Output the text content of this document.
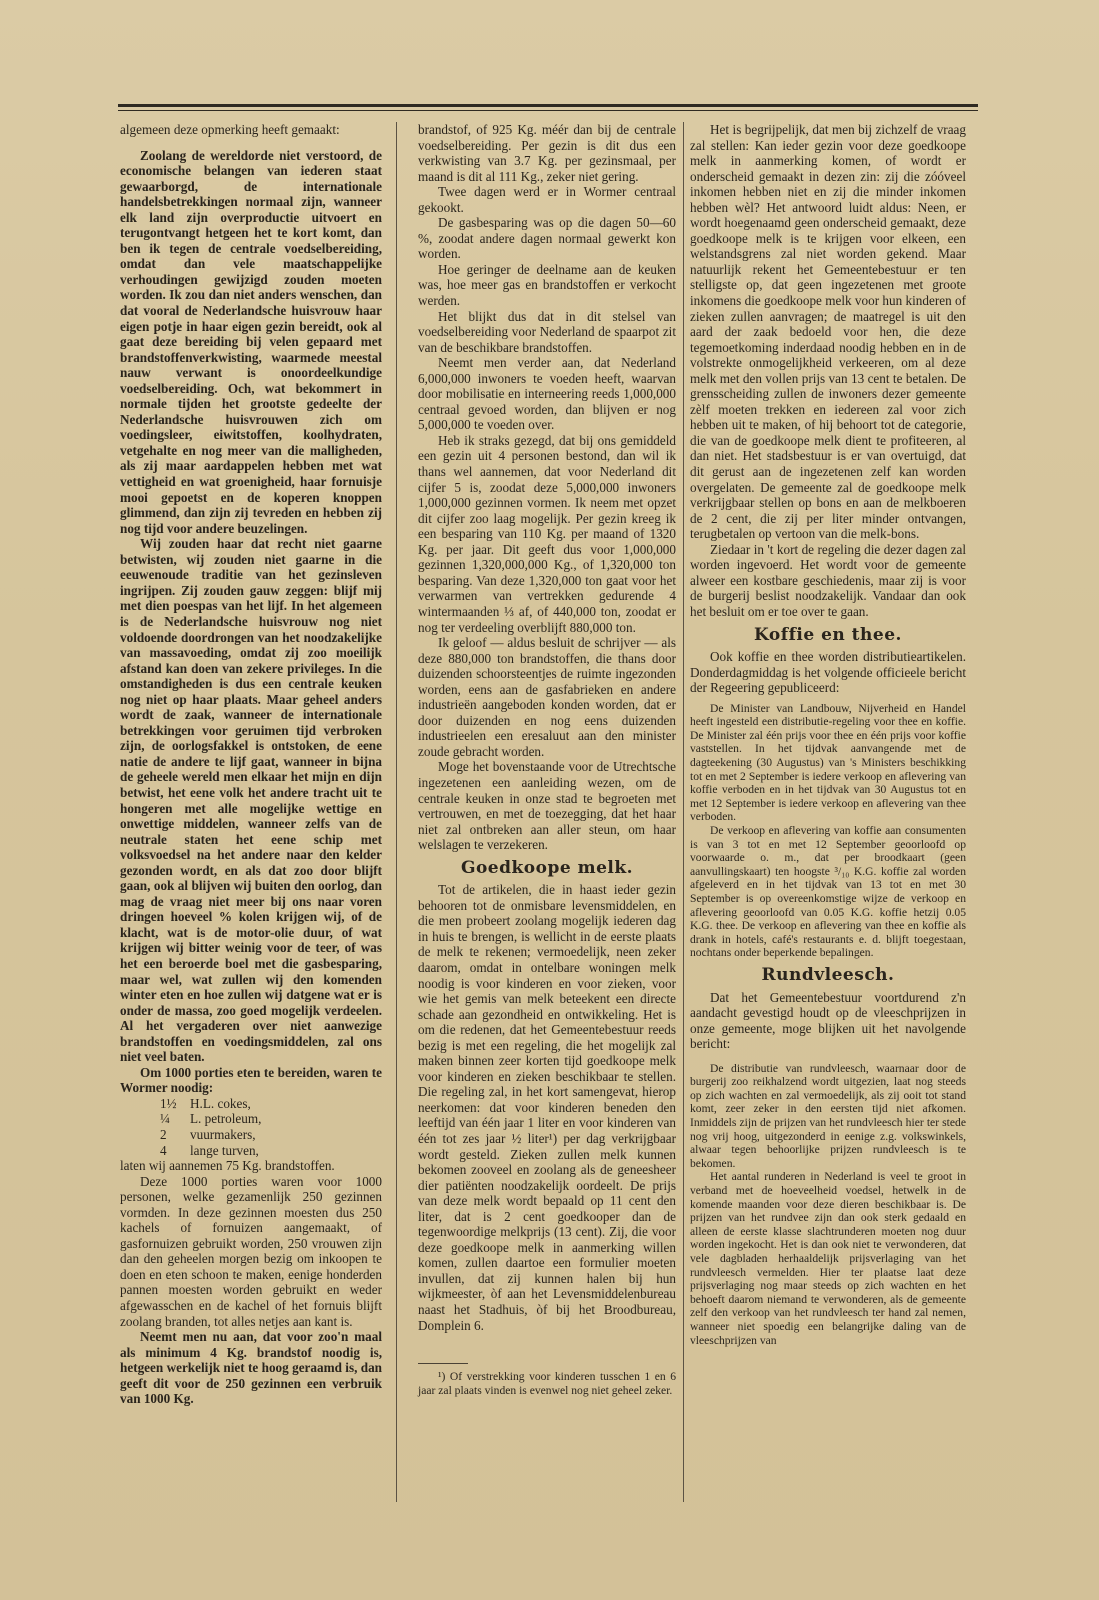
algemeen deze opmerking heeft gemaakt:

Zoolang de wereldorde niet verstoord, de economische belangen van iederen staat gewaarborgd, de internationale handelsbetrekkingen normaal zijn, wanneer elk land zijn overproductie uitvoert en terugontvangt hetgeen het te kort komt, dan ben ik tegen de centrale voedselbereiding, omdat dan vele maatschappelijke verhoudingen gewijzigd zouden moeten worden. Ik zou dan niet anders wenschen, dan dat vooral de Nederlandsche huisvrouw haar eigen potje in haar eigen gezin bereidt, ook al gaat deze bereiding bij velen gepaard met brandstoffenverkwisting, waarmede meestal nauw verwant is onoordeelkundige voedselbereiding. Och, wat bekommert in normale tijden het grootste gedeelte der Nederlandsche huisvrouwen zich om voedingsleer, eiwitstoffen, koolhydraten, vetgehalte en nog meer van die malligheden, als zij maar aardappelen hebben met wat vettigheid en wat groenigheid, haar fornuisje mooi gepoetst en de koperen knoppen glimmend, dan zijn zij tevreden en hebben zij nog tijd voor andere beuzelingen.

Wij zouden haar dat recht niet gaarne betwisten, wij zouden niet gaarne in die eeuwenoude traditie van het gezinsleven ingrijpen. Zij zouden gauw zeggen: blijf mij met dien poespas van het lijf. In het algemeen is de Nederlandsche huisvrouw nog niet voldoende doordrongen van het noodzakelijke van massavoeding, omdat zij zoo moeilijk afstand kan doen van zekere privileges. In die omstandigheden is dus een centrale keuken nog niet op haar plaats. Maar geheel anders wordt de zaak, wanneer de internationale betrekkingen voor geruimen tijd verbroken zijn, de oorlogsfakkel is ontstoken, de eene natie de andere te lijf gaat, wanneer in bijna de geheele wereld men elkaar het mijn en dijn betwist, het eene volk het andere tracht uit te hongeren met alle mogelijke wettige en onwettige middelen, wanneer zelfs van de neutrale staten het eene schip met volksvoedsel na het andere naar den kelder gezonden wordt, en als dat zoo door blijft gaan, ook al blijven wij buiten den oorlog, dan mag de vraag niet meer bij ons naar voren dringen hoeveel % kolen krijgen wij, of de klacht, wat is de motor-olie duur, of wat krijgen wij bitter weinig voor de teer, of was het een beroerde boel met die gasbesparing, maar wel, wat zullen wij den komenden winter eten en hoe zullen wij datgene wat er is onder de massa, zoo goed mogelijk verdeelen. Al het vergaderen over niet aanwezige brandstoffen en voedingsmiddelen, zal ons niet veel baten.

Om 1000 porties eten te bereiden, waren te Wormer noodig:

1½ H.L. cokes,
¼ L. petroleum,
2 vuurmakers,
4 lange turven,

laten wij aannemen 75 Kg. brandstoffen.

Deze 1000 porties waren voor 1000 personen, welke gezamenlijk 250 gezinnen vormden. In deze gezinnen moesten dus 250 kachels of fornuizen aangemaakt, of gasfornuizen gebruikt worden, 250 vrouwen zijn dan den geheelen morgen bezig om inkoopen te doen en eten schoon te maken, eenige honderden pannen moesten worden gebruikt en weder afgewasschen en de kachel of het fornuis blijft zoolang branden, tot alles netjes aan kant is.

Neemt men nu aan, dat voor zoo'n maal als minimum 4 Kg. brandstof noodig is, hetgeen werkelijk niet te hoog geraamd is, dan geeft dit voor de 250 gezinnen een verbruik van 1000 Kg.

brandstof, of 925 Kg. méér dan bij de centrale voedselbereiding. Per gezin is dit dus een verkwisting van 3.7 Kg. per gezinsmaal, per maand is dit al 111 Kg., zeker niet gering.

Twee dagen werd er in Wormer centraal gekookt.

De gasbesparing was op die dagen 50—60 %, zoodat andere dagen normaal gewerkt kon worden.

Hoe geringer de deelname aan de keuken was, hoe meer gas en brandstoffen er verkocht werden.

Het blijkt dus dat in dit stelsel van voedselbereiding voor Nederland de spaarpot zit van de beschikbare brandstoffen.

Neemt men verder aan, dat Nederland 6,000,000 inwoners te voeden heeft, waarvan door mobilisatie en interneering reeds 1,000,000 centraal gevoed worden, dan blijven er nog 5,000,000 te voeden over.

Heb ik straks gezegd, dat bij ons gemiddeld een gezin uit 4 personen bestond, dan wil ik thans wel aannemen, dat voor Nederland dit cijfer 5 is, zoodat deze 5,000,000 inwoners 1,000,000 gezinnen vormen. Ik neem met opzet dit cijfer zoo laag mogelijk. Per gezin kreeg ik een besparing van 110 Kg. per maand of 1320 Kg. per jaar. Dit geeft dus voor 1,000,000 gezinnen 1,320,000,000 Kg., of 1,320,000 ton besparing. Van deze 1,320,000 ton gaat voor het verwarmen van vertrekken gedurende 4 wintermaanden ⅓ af, of 440,000 ton, zoodat er nog ter verdeeling overblijft 880,000 ton.

Ik geloof — aldus besluit de schrijver — als deze 880,000 ton brandstoffen, die thans door duizenden schoorsteentjes de ruimte ingezonden worden, eens aan de gasfabrieken en andere industrieën aangeboden konden worden, dat er door duizenden en nog eens duizenden industrieelen een eresaluut aan den minister zoude gebracht worden.

Moge het bovenstaande voor de Utrechtsche ingezetenen een aanleiding wezen, om de centrale keuken in onze stad te begroeten met vertrouwen, en met de toezegging, dat het haar niet zal ontbreken aan aller steun, om haar welslagen te verzekeren.

Goedkoope melk.

Tot de artikelen, die in haast ieder gezin behooren tot de onmisbare levensmiddelen, en die men probeert zoolang mogelijk iederen dag in huis te brengen, is wellicht in de eerste plaats de melk te rekenen; vermoedelijk, neen zeker daarom, omdat in ontelbare woningen melk noodig is voor kinderen en voor zieken, voor wie het gemis van melk beteekent een directe schade aan gezondheid en ontwikkeling. Het is om die redenen, dat het Gemeentebestuur reeds bezig is met een regeling, die het mogelijk zal maken binnen zeer korten tijd goedkoope melk voor kinderen en zieken beschikbaar te stellen. Die regeling zal, in het kort samengevat, hierop neerkomen: dat voor kinderen beneden den leeftijd van één jaar 1 liter en voor kinderen van één tot zes jaar ½ liter¹) per dag verkrijgbaar wordt gesteld. Zieken zullen melk kunnen bekomen zooveel en zoolang als de geneesheer dier patiënten noodzakelijk oordeelt. De prijs van deze melk wordt bepaald op 11 cent den liter, dat is 2 cent goedkooper dan de tegenwoordige melkprijs (13 cent). Zij, die voor deze goedkoope melk in aanmerking willen komen, zullen daartoe een formulier moeten invullen, dat zij kunnen halen bij hun wijkmeester, òf aan het Levensmiddelenbureau naast het Stadhuis, òf bij het Broodbureau, Domplein 6.

¹) Of verstrekking voor kinderen tusschen 1 en 6 jaar zal plaats vinden is evenwel nog niet geheel zeker.

Het is begrijpelijk, dat men bij zichzelf de vraag zal stellen: Kan ieder gezin voor deze goedkoope melk in aanmerking komen, of wordt er onderscheid gemaakt in dezen zin: zij die zóóveel inkomen hebben niet en zij die minder inkomen hebben wèl? Het antwoord luidt aldus: Neen, er wordt hoegenaamd geen onderscheid gemaakt, deze goedkoope melk is te krijgen voor elkeen, een welstandsgrens zal niet worden gekend. Maar natuurlijk rekent het Gemeentebestuur er ten stelligste op, dat geen ingezetenen met groote inkomens die goedkoope melk voor hun kinderen of zieken zullen aanvragen; de maatregel is uit den aard der zaak bedoeld voor hen, die deze tegemoetkoming inderdaad noodig hebben en in de volstrekte onmogelijkheid verkeeren, om al deze melk met den vollen prijs van 13 cent te betalen. De grensscheiding zullen de inwoners dezer gemeente zèlf moeten trekken en iedereen zal voor zich hebben uit te maken, of hij behoort tot de categorie, die van de goedkoope melk dient te profiteeren, al dan niet. Het stadsbestuur is er van overtuigd, dat dit gerust aan de ingezetenen zelf kan worden overgelaten. De gemeente zal de goedkoope melk verkrijgbaar stellen op bons en aan de melkboeren de 2 cent, die zij per liter minder ontvangen, terugbetalen op vertoon van die melk-bons.

Ziedaar in 't kort de regeling die dezer dagen zal worden ingevoerd. Het wordt voor de gemeente alweer een kostbare geschiedenis, maar zij is voor de burgerij beslist noodzakelijk. Vandaar dan ook het besluit om er toe over te gaan.

Koffie en thee.

Ook koffie en thee worden distributieartikelen. Donderdagmiddag is het volgende officieele bericht der Regeering gepubliceerd:

De Minister van Landbouw, Nijverheid en Handel heeft ingesteld een distributie-regeling voor thee en koffie. De Minister zal één prijs voor thee en één prijs voor koffie vaststellen. In het tijdvak aanvangende met de dagteekening (30 Augustus) van 's Ministers beschikking tot en met 2 September is iedere verkoop en aflevering van koffie verboden en in het tijdvak van 30 Augustus tot en met 12 September is iedere verkoop en aflevering van thee verboden.

De verkoop en aflevering van koffie aan consumenten is van 3 tot en met 12 September geoorloofd op voorwaarde o. m., dat per broodkaart (geen aanvullingskaart) ten hoogste ³/₁₀ K.G. koffie zal worden afgeleverd en in het tijdvak van 13 tot en met 30 September is op overeenkomstige wijze de verkoop en aflevering geoorloofd van 0.05 K.G. koffie hetzij 0.05 K.G. thee. De verkoop en aflevering van thee en koffie als drank in hotels, café's restaurants e. d. blijft toegestaan, nochtans onder beperkende bepalingen.

Rundvleesch.

Dat het Gemeentebestuur voortdurend z'n aandacht gevestigd houdt op de vleeschprijzen in onze gemeente, moge blijken uit het navolgende bericht:

De distributie van rundvleesch, waarnaar door de burgerij zoo reikhalzend wordt uitgezien, laat nog steeds op zich wachten en zal vermoedelijk, als zij ooit tot stand komt, zeer zeker in den eersten tijd niet afkomen. Inmiddels zijn de prijzen van het rundvleesch hier ter stede nog vrij hoog, uitgezonderd in eenige z.g. volkswinkels, alwaar tegen behoorlijke prijzen rundvleesch is te bekomen.

Het aantal runderen in Nederland is veel te groot in verband met de hoeveelheid voedsel, hetwelk in de komende maanden voor deze dieren beschikbaar is. De prijzen van het rundvee zijn dan ook sterk gedaald en alleen de eerste klasse slachtrunderen moeten nog duur worden ingekocht. Het is dan ook niet te verwonderen, dat vele dagbladen herhaaldelijk prijsverlaging van het rundvleesch vermelden. Hier ter plaatse laat deze prijsverlaging nog maar steeds op zich wachten en het behoeft daarom niemand te verwonderen, als de gemeente zelf den verkoop van het rundvleesch ter hand zal nemen, wanneer niet spoedig een belangrijke daling van de vleeschprijzen van
